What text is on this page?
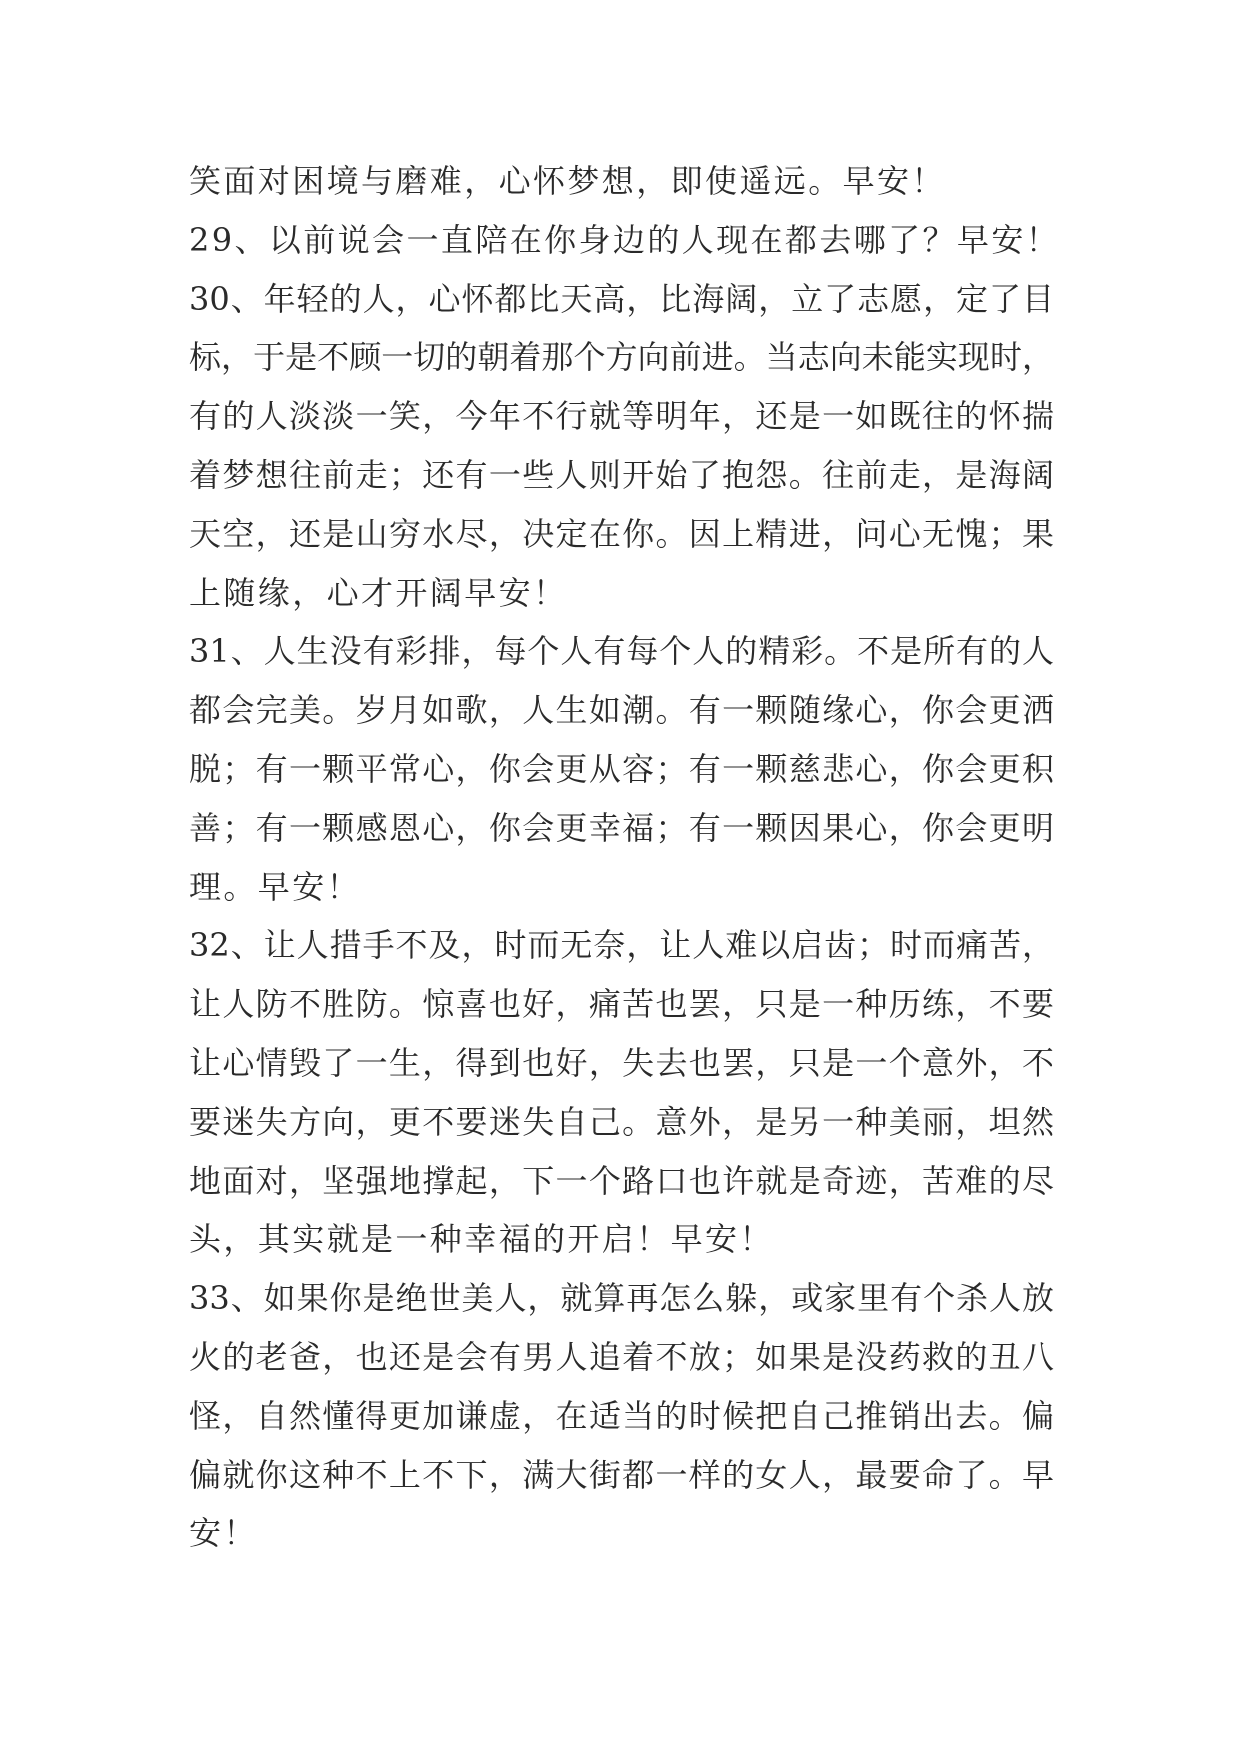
笑面对困境与磨难，心怀梦想，即使遥远。早安！
29、以前说会一直陪在你身边的人现在都去哪了？早安！
30、年轻的人，心怀都比天高，比海阔，立了志愿，定了目
标，于是不顾一切的朝着那个方向前进。当志向未能实现时，
有的人淡淡一笑，今年不行就等明年，还是一如既往的怀揣
着梦想往前走；还有一些人则开始了抱怨。往前走，是海阔
天空，还是山穷水尽，决定在你。因上精进，问心无愧；果
上随缘，心才开阔早安！
31、人生没有彩排，每个人有每个人的精彩。不是所有的人
都会完美。岁月如歌，人生如潮。有一颗随缘心，你会更洒
脱；有一颗平常心，你会更从容；有一颗慈悲心，你会更积
善；有一颗感恩心，你会更幸福；有一颗因果心，你会更明
理。早安！
32、让人措手不及，时而无奈，让人难以启齿；时而痛苦，
让人防不胜防。惊喜也好，痛苦也罢，只是一种历练，不要
让心情毁了一生，得到也好，失去也罢，只是一个意外，不
要迷失方向，更不要迷失自己。意外，是另一种美丽，坦然
地面对，坚强地撑起，下一个路口也许就是奇迹，苦难的尽
头，其实就是一种幸福的开启！早安！
33、如果你是绝世美人，就算再怎么躲，或家里有个杀人放
火的老爸，也还是会有男人追着不放；如果是没药救的丑八
怪，自然懂得更加谦虚，在适当的时候把自己推销出去。偏
偏就你这种不上不下，满大街都一样的女人，最要命了。早
安！
